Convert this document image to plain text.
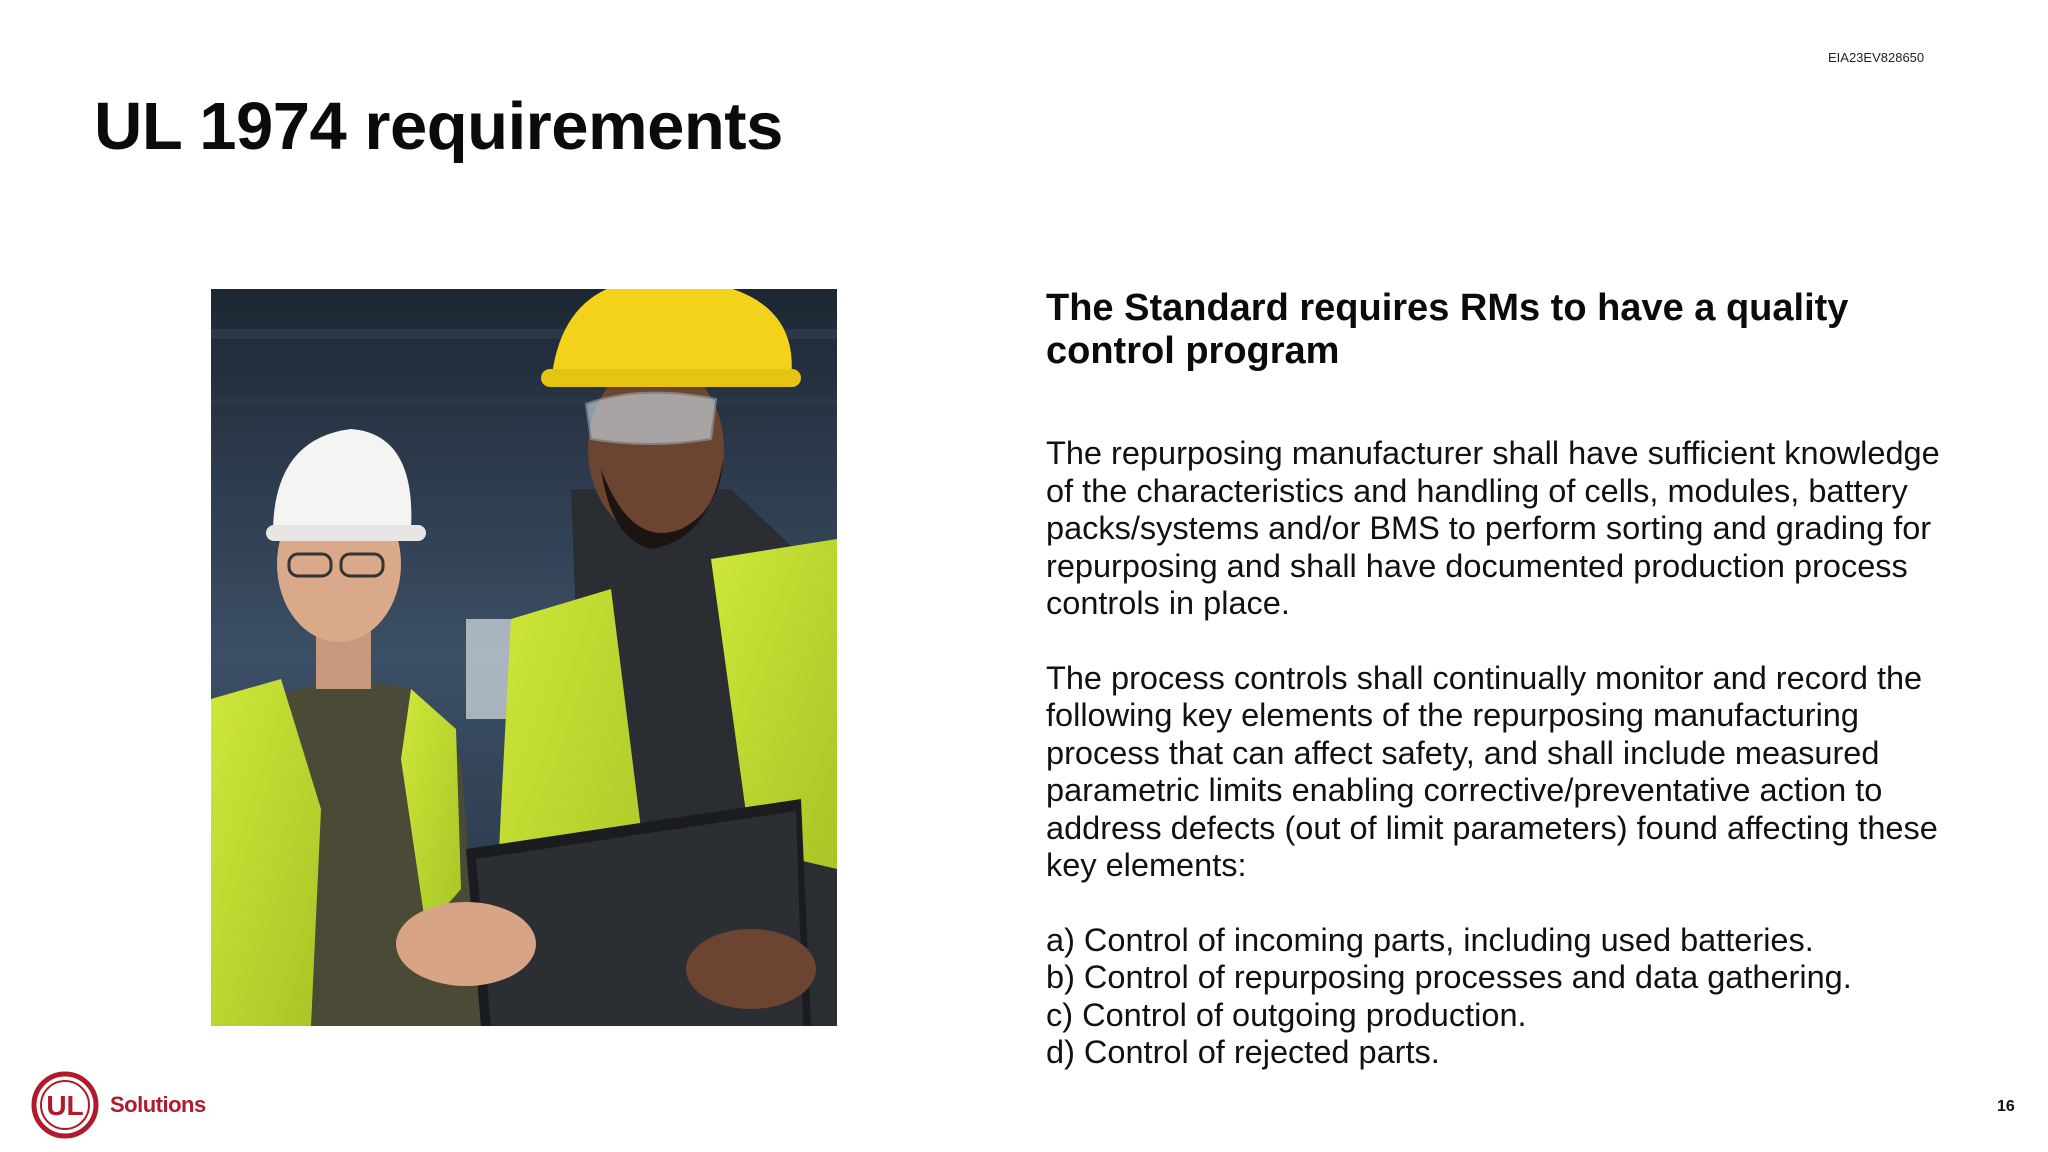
EIA23EV828650
UL 1974 requirements
The Standard requires RMs to have a quality control program

The repurposing manufacturer shall have sufficient knowledge of the characteristics and handling of cells, modules, battery packs/systems and/or BMS to perform sorting and grading for repurposing and shall have documented production process controls in place.

The process controls shall continually monitor and record the following key elements of the repurposing manufacturing process that can affect safety, and shall include measured parametric limits enabling corrective/preventative action to address defects (out of limit parameters) found affecting these key elements:

a) Control of incoming parts, including used batteries.
b) Control of repurposing processes and data gathering.
c) Control of outgoing production.
d) Control of rejected parts.
UL Solutions	16
